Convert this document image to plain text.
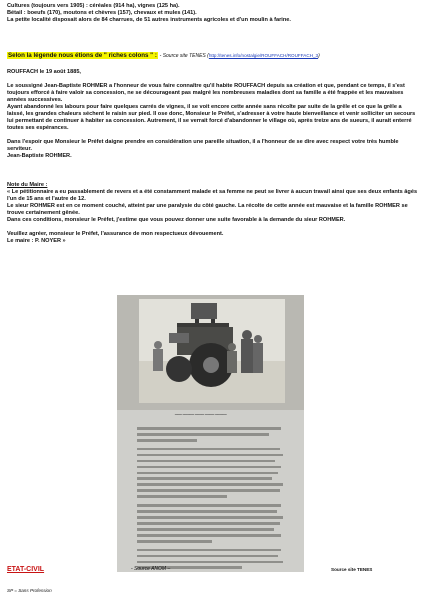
Cultures (toujours vers 1905) : céréales (914 ha), vignes (125 ha).

Bétail : boeufs (170), moutons et chèvres (157), chevaux et mules (141).

La petite localité disposait alors de 84 charrues, de 51 autres instruments agricoles et d'un moulin à farine.

Selon la légende nous étions de " riches colons " : - Source site TENES (http://tenes.info/nostalgie/ROUFFACH/ROUFFACH_3)

ROUFFACH le 19 août 1885,

Le soussigné Jean-Baptiste ROHMER a l'honneur de vous faire connaître qu'il habite ROUFFACH depuis sa création et que, pendant ce temps, il s'est toujours efforcé à faire valoir sa concession, ne se décourageant pas malgré les nombreuses maladies dont sa famille a été frappée et les mauvaises années successives.

Ayant abandonné les labours pour faire quelques carrés de vignes, il se voit encore cette année sans récolte par suite de la grêle et ce que la grêle a laissé, les grandes chaleurs séchent le raisin sur pied. Il ose donc, Monsieur le Préfet, s'adresser à votre haute bienveillance et venir solliciter un secours lui permettant de continuer à habiter sa concession. Autrement, il se verrait forcé d'abandonner le village où, après treize ans de sueurs, il aurait enterré toutes ses espérances.

Dans l'espoir que Monsieur le Préfet daigne prendre en considération une pareille situation, il a l'honneur de se dire avec respect votre très humble serviteur.

Jean-Baptiste ROHMER.

Note du Maire :

« Le pétitionnaire a eu passablement de revers et a été constamment malade et sa femme ne peut se livrer à aucun travail ainsi que ses deux enfants âgés l'un de 15 ans et l'autre de 12.

Le sieur ROHMER est en ce moment couché, atteint par une paralysie du côté gauche. La récolte de cette année est mauvaise et la famille ROHMER se trouve certainement gênée.

Dans ces conditions, monsieur le Préfet, j'estime que vous pouvez donner une suite favorable à la demande du sieur ROHMER.

Veuillez agréer, monsieur le Préfet, l'assurance de mon respectueux dévouement.

Le maire : P. NOYER »

▁▁▁ ▁▁▁▁▁ ▁▁▁▁ ▁▁▁▁ ▁▁▁▁▁
Source site TENES
ETAT-CIVIL	- Source ANOM –
SP = Sans Profession
